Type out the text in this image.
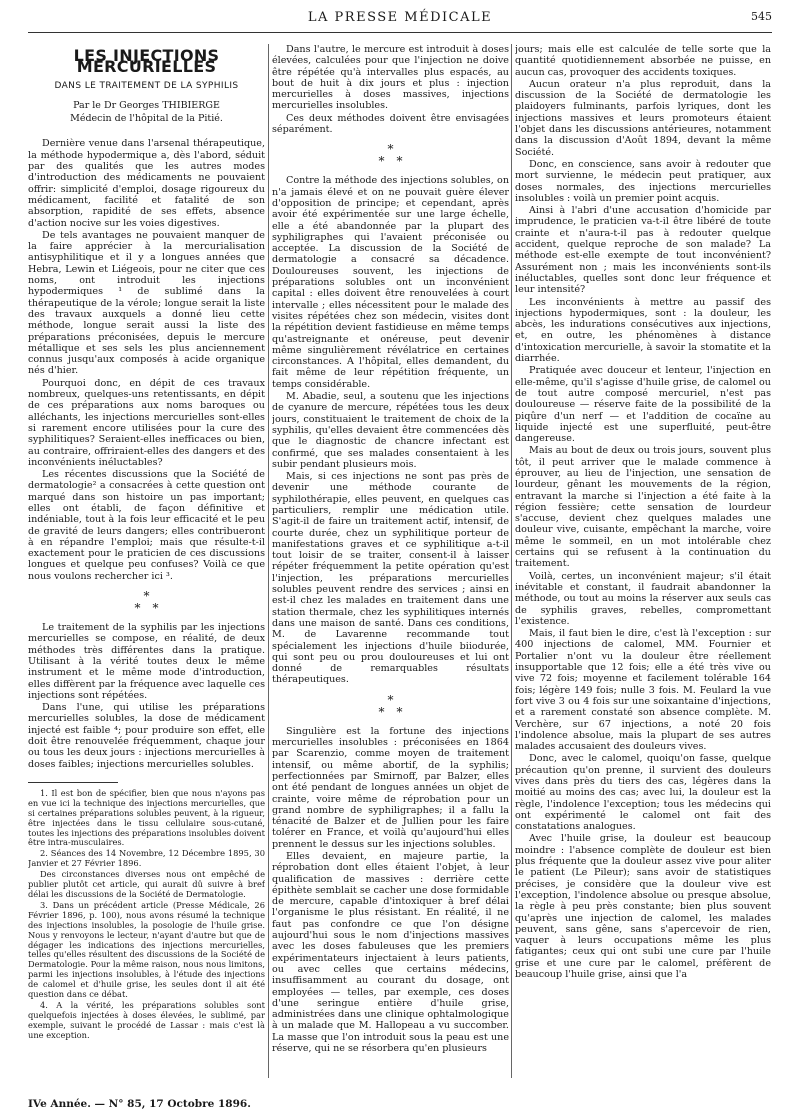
LA PRESSE MÉDICALE	545
LES INJECTIONS MERCURIELLES
DANS LE TRAITEMENT DE LA SYPHILIS
Par le Dr Georges THIBIERGE
Médecin de l'hôpital de la Pitié.

Dernière venue dans l'arsenal thérapeutique, la méthode hypodermique a, dès l'abord, séduit par des qualités que les autres modes d'introduction des médicaments ne pouvaient offrir: simplicité d'emploi, dosage rigoureux du médicament, facilité et fatalité de son absorption, rapidité de ses effets, absence d'action nocive sur les voies digestives.

De tels avantages ne pouvaient manquer de la faire apprécier à la mercurialisation antisyphilitique et il y a longues années que Hebra, Lewin et Liégeois, pour ne citer que ces noms, ont introduit les injections hypodermiques ¹ de sublimé dans la thérapeutique de la vérole; longue serait la liste des travaux auxquels a donné lieu cette méthode, longue serait aussi la liste des préparations préconisées, depuis le mercure métallique et ses sels les plus anciennement connus jusqu'aux composés à acide organique nés d'hier.

Pourquoi donc, en dépit de ces travaux nombreux, quelques-uns retentissants, en dépit de ces préparations aux noms baroques ou alléchants, les injections mercurielles sont-elles si rarement encore utilisées pour la cure des syphilitiques? Seraient-elles inefficaces ou bien, au contraire, offriraient-elles des dangers et des inconvénients inéluctables?

Les récentes discussions que la Société de dermatologie² a consacrées à cette question ont marqué dans son histoire un pas important; elles ont établi, de façon définitive et indéniable, tout à la fois leur efficacité et le peu de gravité de leurs dangers; elles contribueront à en répandre l'emploi; mais que résulte-t-il exactement pour le praticien de ces discussions longues et quelque peu confuses? Voilà ce que nous voulons rechercher ici ³.

*
*  *

Le traitement de la syphilis par les injections mercurielles se compose, en réalité, de deux méthodes très différentes dans la pratique. Utilisant à la vérité toutes deux le même instrument et le même mode d'introduction, elles diffèrent par la fréquence avec laquelle ces injections sont répétées.

Dans l'une, qui utilise les préparations mercurielles solubles, la dose de médicament injecté est faible ⁴; pour produire son effet, elle doit être renouvelée fréquemment, chaque jour ou tous les deux jours : injections mercurielles à doses faibles; injections mercurielles solubles.

1. Il est bon de spécifier, bien que nous n'ayons pas en vue ici la technique des injections mercurielles, que si certaines préparations solubles peuvent, à la rigueur, être injectées dans le tissu cellulaire sous-cutané, toutes les injections des préparations insolubles doivent être intra-musculaires.

2. Séances des 14 Novembre, 12 Décembre 1895, 30 Janvier et 27 Février 1896.

Des circonstances diverses nous ont empêché de publier plutôt cet article, qui aurait dû suivre à bref délai les discussions de la Société de Dermatologie.

3. Dans un précédent article (Presse Médicale, 26 Février 1896, p. 100), nous avons résumé la technique des injections insolubles, la posologie de l'huile grise. Nous y renvoyons le lecteur, n'ayant d'autre but que de dégager les indications des injections mercurielles, telles qu'elles résultent des discussions de la Société de Dermatologie. Pour la même raison, nous nous limitons, parmi les injections insolubles, à l'étude des injections de calomel et d'huile grise, les seules dont il ait été question dans ce débat.

4. A la vérité, les préparations solubles sont quelquefois injectées à doses élevées, le sublimé, par exemple, suivant le procédé de Lassar : mais c'est là une exception.

Dans l'autre, le mercure est introduit à doses élevées, calculées pour que l'injection ne doive être répétée qu'à intervalles plus espacés, au bout de huit à dix jours et plus : injection mercurielles à doses massives, injections mercurielles insolubles.

Ces deux méthodes doivent être envisagées séparément.

*
*  *

Contre la méthode des injections solubles, on n'a jamais élevé et on ne pouvait guère élever d'opposition de principe; et cependant, après avoir été expérimentée sur une large échelle, elle a été abandonnée par la plupart des syphiligraphes qui l'avaient préconisée ou acceptée. La discussion de la Société de dermatologie a consacré sa décadence. Douloureuses souvent, les injections de préparations solubles ont un inconvénient capital : elles doivent être renouvelées à court intervalle ; elles nécessitent pour le malade des visites répétées chez son médecin, visites dont la répétition devient fastidieuse en même temps qu'astreignante et onéreuse, peut devenir même singulièrement révélatrice en certaines circonstances. A l'hôpital, elles demandent, du fait même de leur répétition fréquente, un temps considérable.

M. Abadie, seul, a soutenu que les injections de cyanure de mercure, répétées tous les deux jours, constituaient le traitement de choix de la syphilis, qu'elles devaient être commencées dès que le diagnostic de chancre infectant est confirmé, que ses malades consentaient à les subir pendant plusieurs mois.

Mais, si ces injections ne sont pas près de devenir une méthode courante de syphilothérapie, elles peuvent, en quelques cas particuliers, remplir une médication utile. S'agit-il de faire un traitement actif, intensif, de courte durée, chez un syphilitique porteur de manifestations graves et ce syphilitique a-t-il tout loisir de se traiter, consent-il à laisser répéter fréquemment la petite opération qu'est l'injection, les préparations mercurielles solubles peuvent rendre des services ; ainsi en est-il chez les malades en traitement dans une station thermale, chez les syphilitiques internés dans une maison de santé. Dans ces conditions, M. de Lavarenne recommande tout spécialement les injections d'huile biiodurée, qui sont peu ou prou douloureuses et lui ont donné de remarquables résultats thérapeutiques.

*
*  *

Singulière est la fortune des injections mercurielles insolubles : préconisées en 1864 par Scarenzio, comme moyen de traitement intensif, ou même abortif, de la syphilis; perfectionnées par Smirnoff, par Balzer, elles ont été pendant de longues années un objet de crainte, voire même de réprobation pour un grand nombre de syphiligraphes; il a fallu la ténacité de Balzer et de Jullien pour les faire tolérer en France, et voilà qu'aujourd'hui elles prennent le dessus sur les injections solubles.

Elles devaient, en majeure partie, la réprobation dont elles étaient l'objet, à leur qualification de massives : derrière cette épithète semblait se cacher une dose formidable de mercure, capable d'intoxiquer à bref délai l'organisme le plus résistant. En réalité, il ne faut pas confondre ce que l'on désigne aujourd'hui sous le nom d'injections massives avec les doses fabuleuses que les premiers expérimentateurs injectaient à leurs patients, ou avec celles que certains médecins, insuffisamment au courant du dosage, ont employées — telles, par exemple, ces doses d'une seringue entière d'huile grise, administrées dans une clinique ophtalmologique à un malade que M. Hallopeau a vu succomber. La masse que l'on introduit sous la peau est une réserve, qui ne se résorbera qu'en plusieurs

jours; mais elle est calculée de telle sorte que la quantité quotidiennement absorbée ne puisse, en aucun cas, provoquer des accidents toxiques.

Aucun orateur n'a plus reproduit, dans la discussion de la Société de dermatologie les plaidoyers fulminants, parfois lyriques, dont les injections massives et leurs promoteurs étaient l'objet dans les discussions antérieures, notamment dans la discussion d'Août 1894, devant la même Société.

Donc, en conscience, sans avoir à redouter que mort survienne, le médecin peut pratiquer, aux doses normales, des injections mercurielles insolubles : voilà un premier point acquis.

Ainsi à l'abri d'une accusation d'homicide par imprudence, le praticien va-t-il être libéré de toute crainte et n'aura-t-il pas à redouter quelque accident, quelque reproche de son malade? La méthode est-elle exempte de tout inconvénient? Assurément non ; mais les inconvénients sont-ils inéluctables, quelles sont donc leur fréquence et leur intensité?

Les inconvénients à mettre au passif des injections hypodermiques, sont : la douleur, les abcès, les indurations consécutives aux injections, et, en outre, les phénomènes à distance d'intoxication mercurielle, à savoir la stomatite et la diarrhée.

Pratiquée avec douceur et lenteur, l'injection en elle-même, qu'il s'agisse d'huile grise, de calomel ou de tout autre composé mercuriel, n'est pas douloureuse — réserve faite de la possibilité de la piqûre d'un nerf — et l'addition de cocaïne au liquide injecté est une superfluité, peut-être dangereuse.

Mais au bout de deux ou trois jours, souvent plus tôt, il peut arriver que le malade commence à éprouver, au lieu de l'injection, une sensation de lourdeur, gênant les mouvements de la région, entravant la marche si l'injection a été faite à la région fessière; cette sensation de lourdeur s'accuse, devient chez quelques malades une douleur vive, cuisante, empêchant la marche, voire même le sommeil, en un mot intolérable chez certains qui se refusent à la continuation du traitement.

Voilà, certes, un inconvénient majeur; s'il était inévitable et constant, il faudrait abandonner la méthode, ou tout au moins la réserver aux seuls cas de syphilis graves, rebelles, compromettant l'existence.

Mais, il faut bien le dire, c'est là l'exception : sur 400 injections de calomel, MM. Fournier et Portalier n'ont vu la douleur être réellement insupportable que 12 fois; elle a été très vive ou vive 72 fois; moyenne et facilement tolérable 164 fois; légère 149 fois; nulle 3 fois. M. Feulard la vue fort vive 3 ou 4 fois sur une soixantaine d'injections, et a rarement constaté son absence complète. M. Verchère, sur 67 injections, a noté 20 fois l'indolence absolue, mais la plupart de ses autres malades accusaient des douleurs vives.

Donc, avec le calomel, quoiqu'on fasse, quelque précaution qu'on prenne, il survient des douleurs vives dans près du tiers des cas, légères dans la moitié au moins des cas; avec lui, la douleur est la règle, l'indolence l'exception; tous les médecins qui ont expérimenté le calomel ont fait des constatations analogues.

Avec l'huile grise, la douleur est beaucoup moindre : l'absence complète de douleur est bien plus fréquente que la douleur assez vive pour aliter le patient (Le Pileur); sans avoir de statistiques précises, je considère que la douleur vive est l'exception, l'indolence absolue ou presque absolue, la règle à peu près constante; bien plus souvent qu'après une injection de calomel, les malades peuvent, sans gêne, sans s'apercevoir de rien, vaquer à leurs occupations même les plus fatigantes; ceux qui ont subi une cure par l'huile grise et une cure par le calomel, préfèrent de beaucoup l'huile grise, ainsi que l'a

IVe Année. — N° 85, 17 Octobre 1896.
